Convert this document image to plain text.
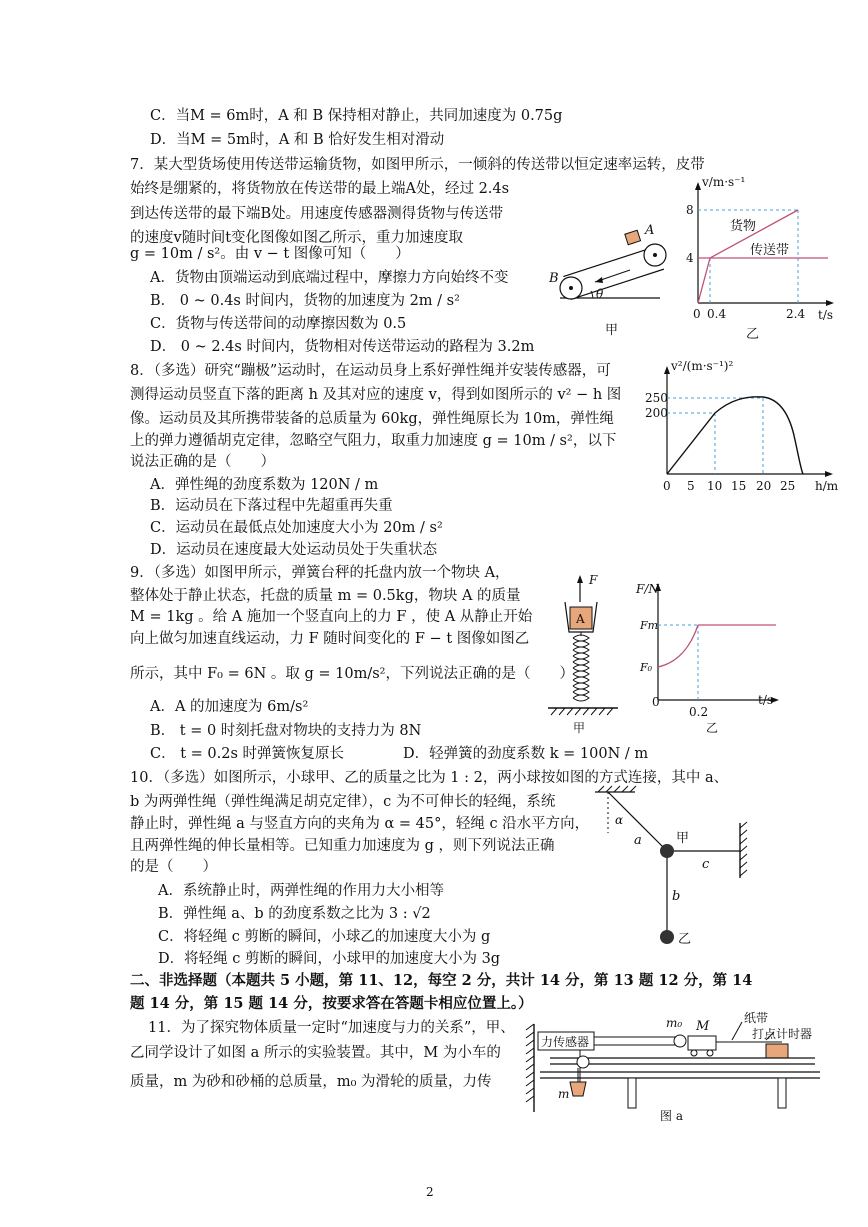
C．当M = 6m时，A 和 B 保持相对静止，共同加速度为 0.75g
D．当M = 5m时，A 和 B 恰好发生相对滑动
7．某大型货场使用传送带运输货物，如图甲所示，一倾斜的传送带以恒定速率运转，皮带
始终是绷紧的，将货物放在传送带的最上端A处，经过 2.4s
到达传送带的最下端B处。用速度传感器测得货物与传送带
的速度v随时间t变化图像如图乙所示，重力加速度取
g = 10m / s²。由 v − t 图像可知（　　）
A．货物由顶端运动到底端过程中，摩擦力方向始终不变
B． 0 ~ 0.4s 时间内，货物的加速度为 2m / s²
C．货物与传送带间的动摩擦因数为 0.5
D． 0 ~ 2.4s 时间内，货物相对传送带运动的路程为 3.2m
A
B
θ
甲
v/m·s⁻¹
t/s
8
4
0 0.4	2.4
货物
传送带
乙
8．（多选）研究“蹦极”运动时，在运动员身上系好弹性绳并安装传感器，可
测得运动员竖直下落的距离 h 及其对应的速度 v，得到如图所示的 v² − h 图
像。运动员及其所携带装备的总质量为 60kg，弹性绳原长为 10m，弹性绳
上的弹力遵循胡克定律，忽略空气阻力，取重力加速度 g = 10m / s²，以下
说法正确的是（　　）
A．弹性绳的劲度系数为 120N / m
B．运动员在下落过程中先超重再失重
C．运动员在最低点处加速度大小为 20m / s²
D．运动员在速度最大处运动员处于失重状态
v²/(m·s⁻¹)²
h/m
250
200
0 5 10 15 20 25
9．（多选）如图甲所示，弹簧台秤的托盘内放一个物块 A，
整体处于静止状态，托盘的质量 m = 0.5kg，物块 A 的质量
M = 1kg 。给 A 施加一个竖直向上的力 F ，使 A 从静止开始
向上做匀加速直线运动，力 F 随时间变化的 F − t 图像如图乙
所示，其中 F₀ = 6N 。取 g = 10m/s²，下列说法正确的是（　　）
A．A 的加速度为 6m/s²
B． t = 0 时刻托盘对物块的支持力为 8N
C． t = 0.2s 时弹簧恢复原长	D．轻弹簧的劲度系数 k = 100N / m
F
A
甲
F/N
t/s
Fm
F₀
0
0.2
乙
10．（多选）如图所示，小球甲、乙的质量之比为 1 : 2，两小球按如图的方式连接，其中 a、
b 为两弹性绳（弹性绳满足胡克定律），c 为不可伸长的轻绳，系统
静止时，弹性绳 a 与竖直方向的夹角为 α = 45°，轻绳 c 沿水平方向，
且两弹性绳的伸长量相等。已知重力加速度为 g ，则下列说法正确
的是（　　）
A．系统静止时，两弹性绳的作用力大小相等
B．弹性绳 a、b 的劲度系数之比为 3 : √2
C．将轻绳 c 剪断的瞬间，小球乙的加速度大小为 g
D．将轻绳 c 剪断的瞬间，小球甲的加速度大小为 3g
α
a
c
甲
b
乙
二、非选择题（本题共 5 小题，第 11、12，每空 2 分，共计 14 分，第 13 题 12 分，第 14
题 14 分，第 15 题 14 分，按要求答在答题卡相应位置上。）
11．为了探究物体质量一定时“加速度与力的关系”，甲、
乙同学设计了如图 a 所示的实验装置。其中，M 为小车的
质量，m 为砂和砂桶的总质量，m₀ 为滑轮的质量，力传
力传感器
m₀ M
纸带
打点计时器
m
图 a
2
